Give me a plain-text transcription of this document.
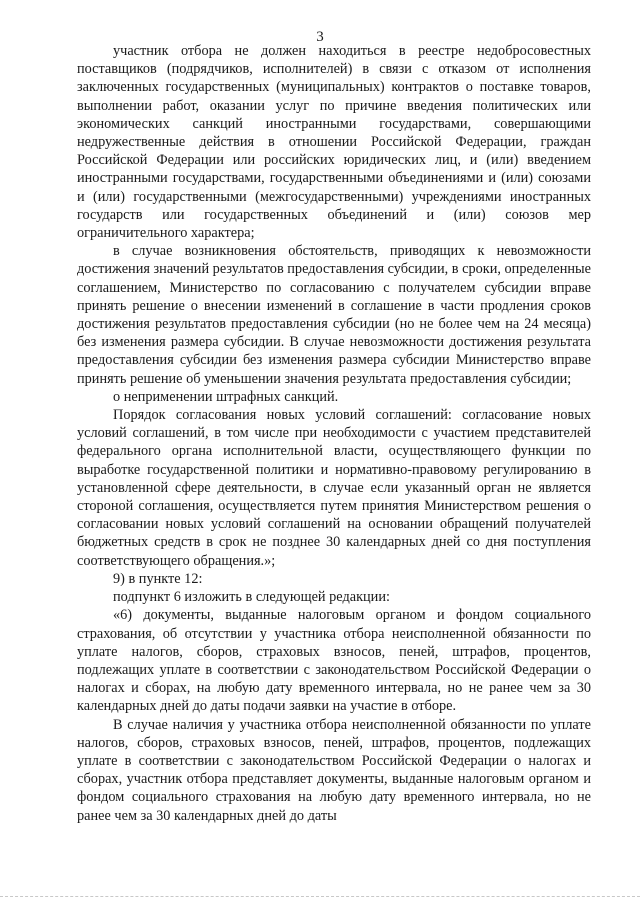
3

участник отбора не должен находиться в реестре недобросовестных поставщиков (подрядчиков, исполнителей) в связи с отказом от исполнения заключенных государственных (муниципальных) контрактов о поставке товаров, выполнении работ, оказании услуг по причине введения политических или экономических санкций иностранными государствами, совершающими недружественные действия в отношении Российской Федерации, граждан Российской Федерации или российских юридических лиц, и (или) введением иностранными государствами, государственными объединениями и (или) союзами и (или) государственными (межгосударственными) учреждениями иностранных государств или государственных объединений и (или) союзов мер ограничительного характера;

в случае возникновения обстоятельств, приводящих к невозможности достижения значений результатов предоставления субсидии, в сроки, определенные соглашением, Министерство по согласованию с получателем субсидии вправе принять решение о внесении изменений в соглашение в части продления сроков достижения результатов предоставления субсидии (но не более чем на 24 месяца) без изменения размера субсидии. В случае невозможности достижения результата предоставления субсидии без изменения размера субсидии Министерство вправе принять решение об уменьшении значения результата предоставления субсидии;

о неприменении штрафных санкций.

Порядок согласования новых условий соглашений: согласование новых условий соглашений, в том числе при необходимости с участием представителей федерального органа исполнительной власти, осуществляющего функции по выработке государственной политики и нормативно-правовому регулированию в установленной сфере деятельности, в случае если указанный орган не является стороной соглашения, осуществляется путем принятия Министерством решения о согласовании новых условий соглашений на основании обращений получателей бюджетных средств в срок не позднее 30 календарных дней со дня поступления соответствующего обращения.»;

9) в пункте 12:

подпункт 6 изложить в следующей редакции:

«6) документы, выданные налоговым органом и фондом социального страхования, об отсутствии у участника отбора неисполненной обязанности по уплате налогов, сборов, страховых взносов, пеней, штрафов, процентов, подлежащих уплате в соответствии с законодательством Российской Федерации о налогах и сборах, на любую дату временного интервала, но не ранее чем за 30 календарных дней до даты подачи заявки на участие в отборе.

В случае наличия у участника отбора неисполненной обязанности по уплате налогов, сборов, страховых взносов, пеней, штрафов, процентов, подлежащих уплате в соответствии с законодательством Российской Федерации о налогах и сборах, участник отбора представляет документы, выданные налоговым органом и фондом социального страхования на любую дату временного интервала, но не ранее чем за 30 календарных дней до даты
